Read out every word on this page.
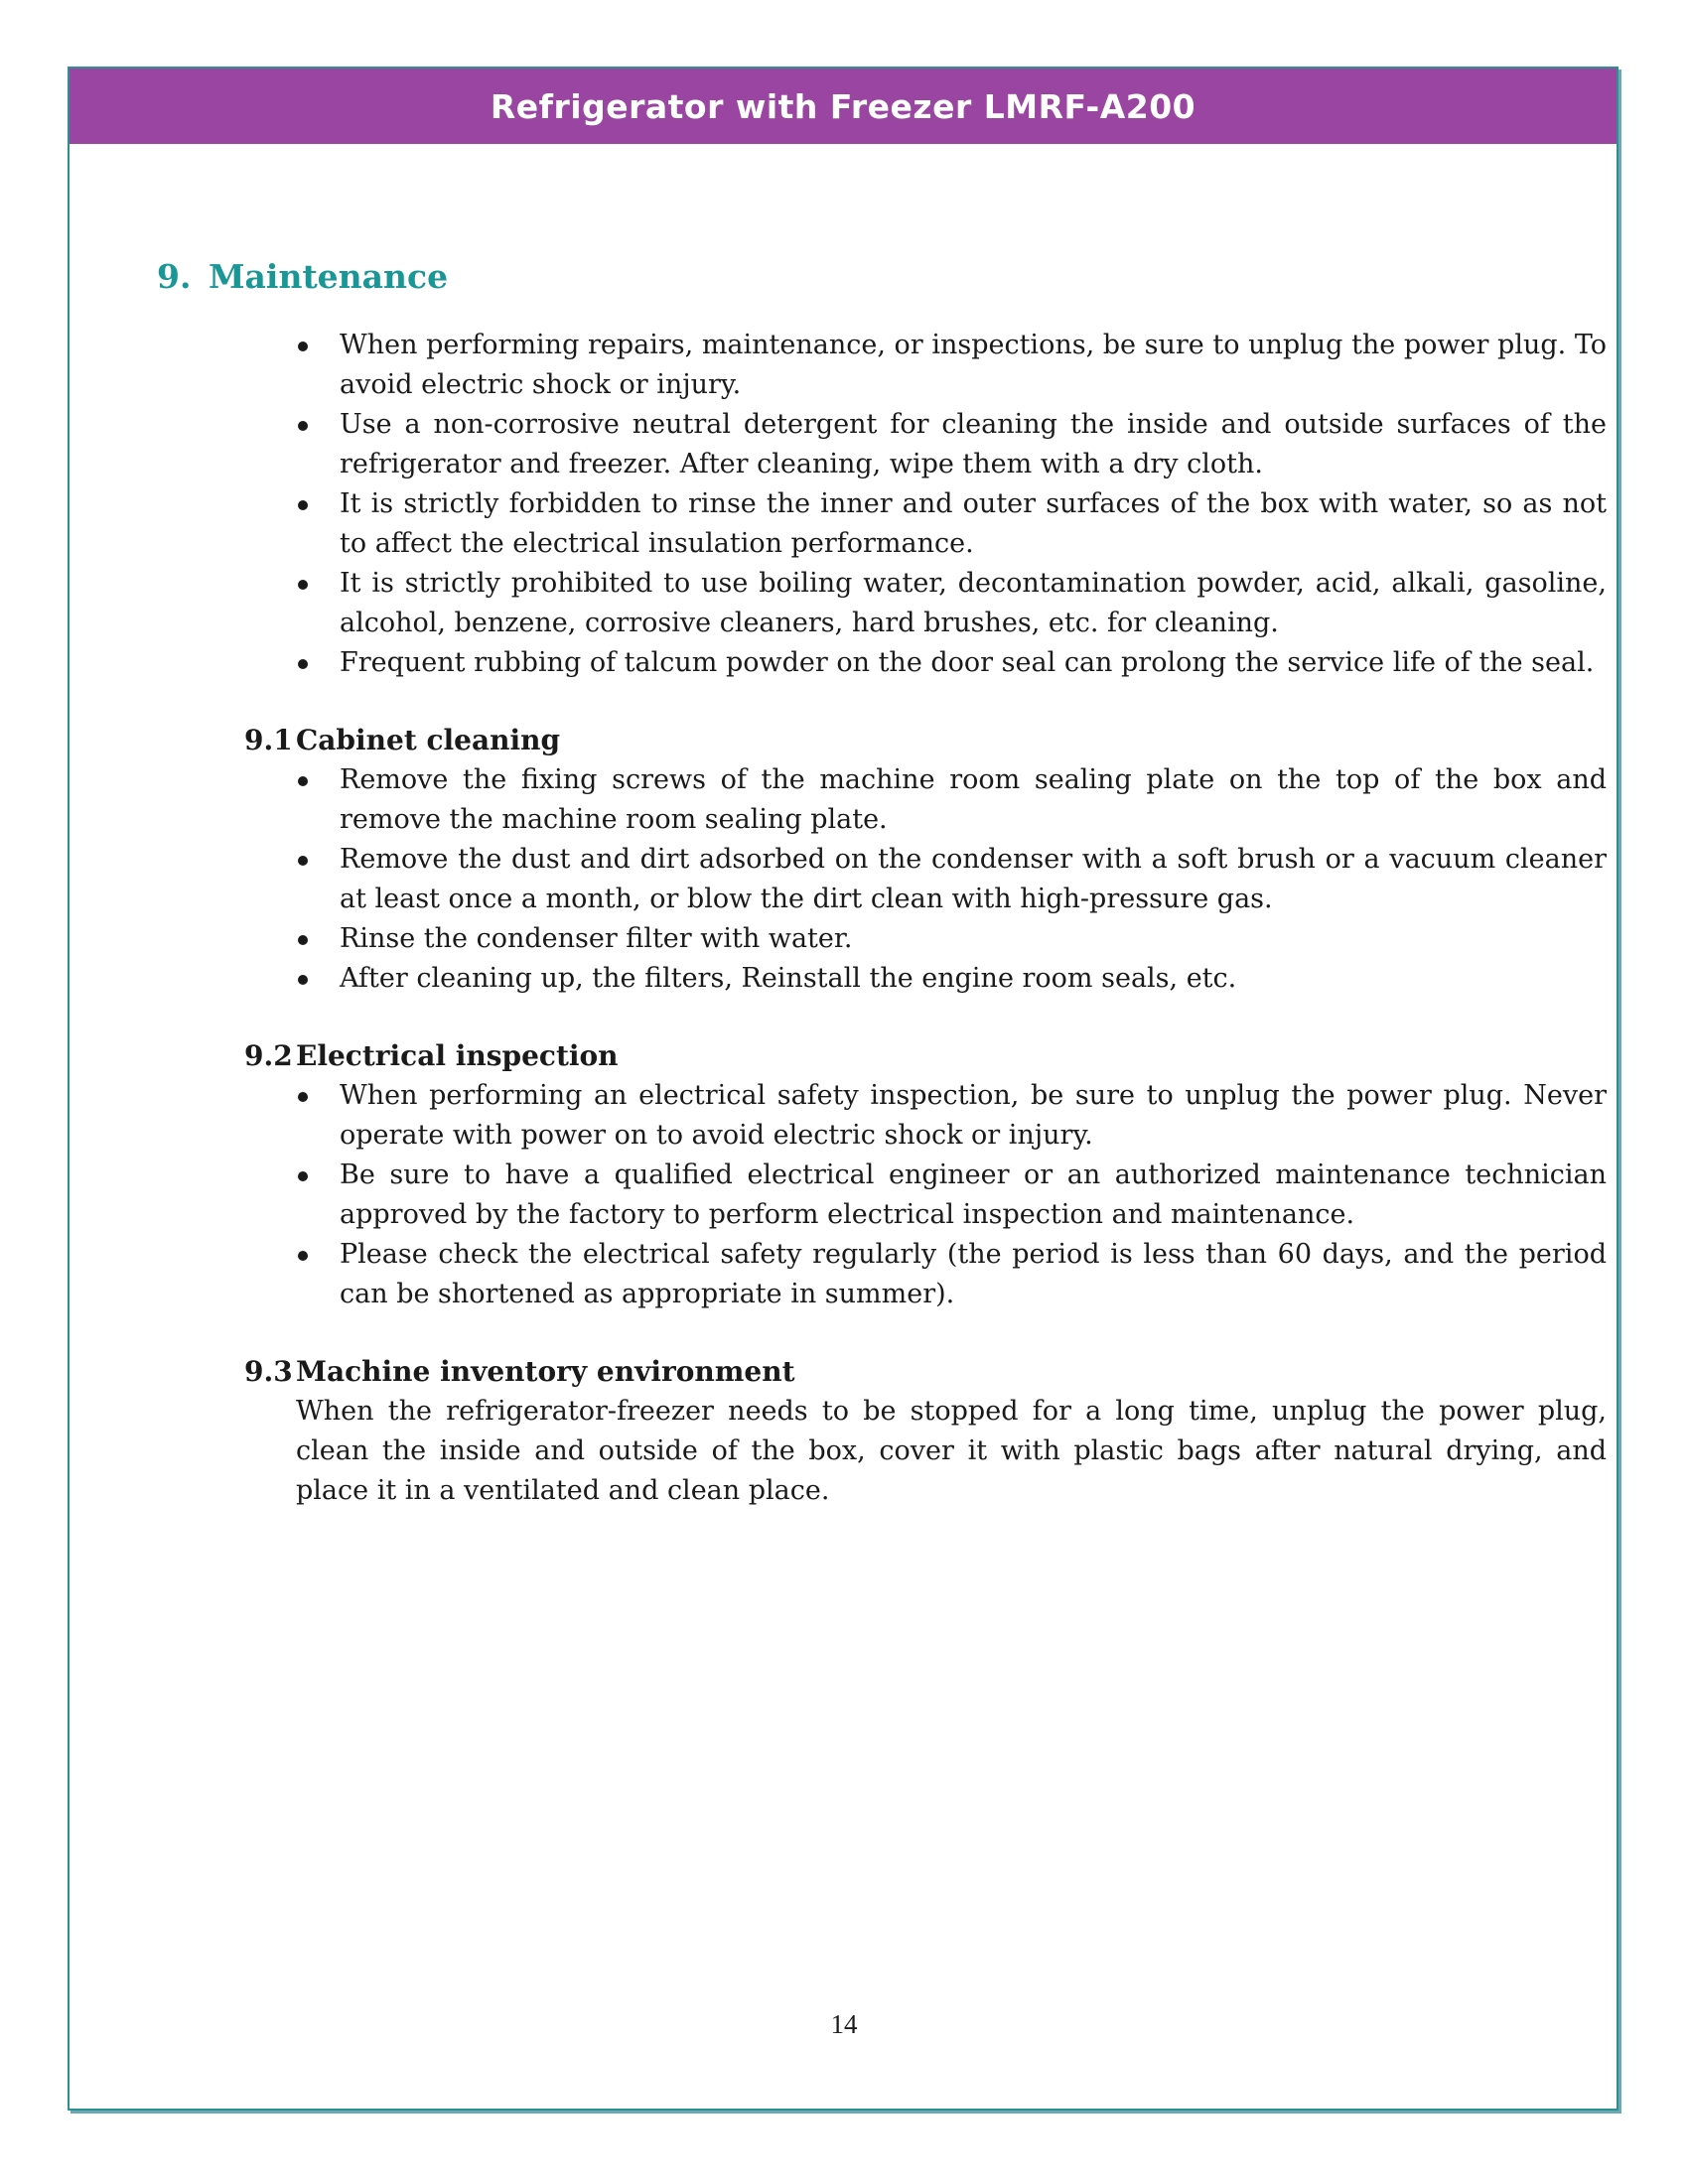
Refrigerator with Freezer LMRF-A200
9. Maintenance
When performing repairs, maintenance, or inspections, be sure to unplug the power plug. To avoid electric shock or injury.
Use a non-corrosive neutral detergent for cleaning the inside and outside surfaces of the refrigerator and freezer. After cleaning, wipe them with a dry cloth.
It is strictly forbidden to rinse the inner and outer surfaces of the box with water, so as not to affect the electrical insulation performance.
It is strictly prohibited to use boiling water, decontamination powder, acid, alkali, gasoline, alcohol, benzene, corrosive cleaners, hard brushes, etc. for cleaning.
Frequent rubbing of talcum powder on the door seal can prolong the service life of the seal.
9.1 Cabinet cleaning
Remove the fixing screws of the machine room sealing plate on the top of the box and remove the machine room sealing plate.
Remove the dust and dirt adsorbed on the condenser with a soft brush or a vacuum cleaner at least once a month, or blow the dirt clean with high-pressure gas.
Rinse the condenser filter with water.
After cleaning up, the filters, Reinstall the engine room seals, etc.
9.2 Electrical inspection
When performing an electrical safety inspection, be sure to unplug the power plug. Never operate with power on to avoid electric shock or injury.
Be sure to have a qualified electrical engineer or an authorized maintenance technician approved by the factory to perform electrical inspection and maintenance.
Please check the electrical safety regularly (the period is less than 60 days, and the period can be shortened as appropriate in summer).
9.3 Machine inventory environment
When the refrigerator-freezer needs to be stopped for a long time, unplug the power plug, clean the inside and outside of the box, cover it with plastic bags after natural drying, and place it in a ventilated and clean place.
14
